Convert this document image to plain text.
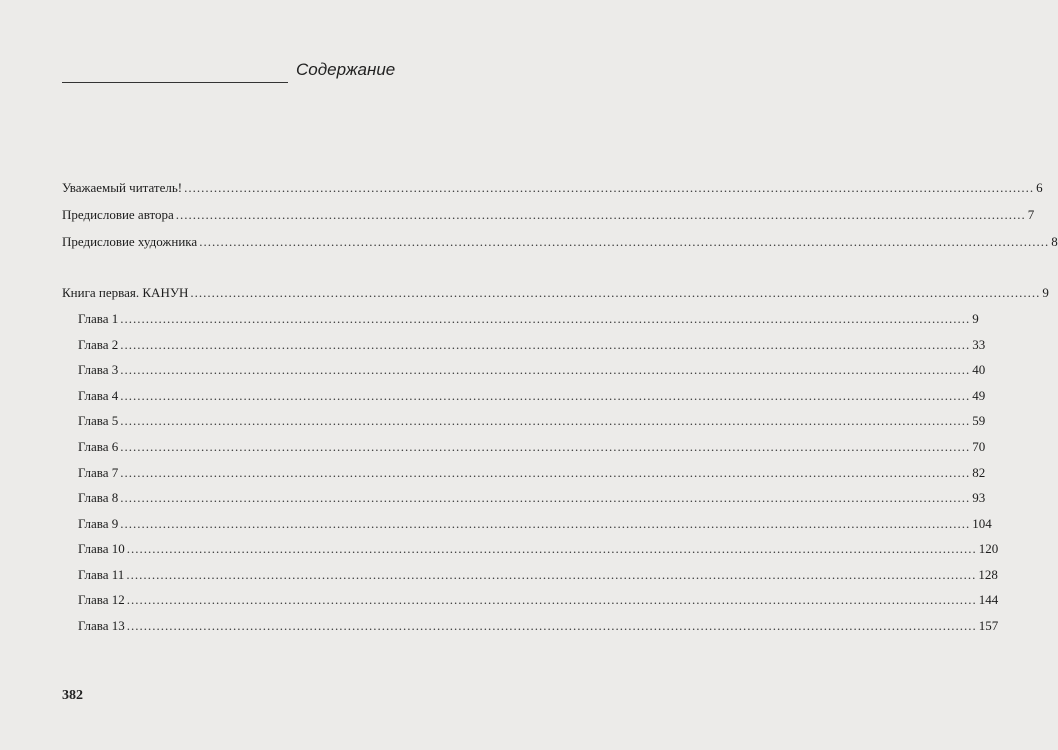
Содержание
Уважаемый читатель! ........................................................................................................................................................................................................ 6
Предисловие автора ........................................................................................................................................................................................................ 7
Предисловие художника ........................................................................................................................................................................................................ 8
Книга первая. КАНУН ........................................................................................................................................................................................................ 9
Глава 1 ........................................................................................................................................................................................................ 9
Глава 2 ........................................................................................................................................................................................................ 33
Глава 3 ........................................................................................................................................................................................................ 40
Глава 4 ........................................................................................................................................................................................................ 49
Глава 5 ........................................................................................................................................................................................................ 59
Глава 6 ........................................................................................................................................................................................................ 70
Глава 7 ........................................................................................................................................................................................................ 82
Глава 8 ........................................................................................................................................................................................................ 93
Глава 9 ........................................................................................................................................................................................................ 104
Глава 10 ........................................................................................................................................................................................................ 120
Глава 11 ........................................................................................................................................................................................................ 128
Глава 12 ........................................................................................................................................................................................................ 144
Глава 13 ........................................................................................................................................................................................................ 157
382
